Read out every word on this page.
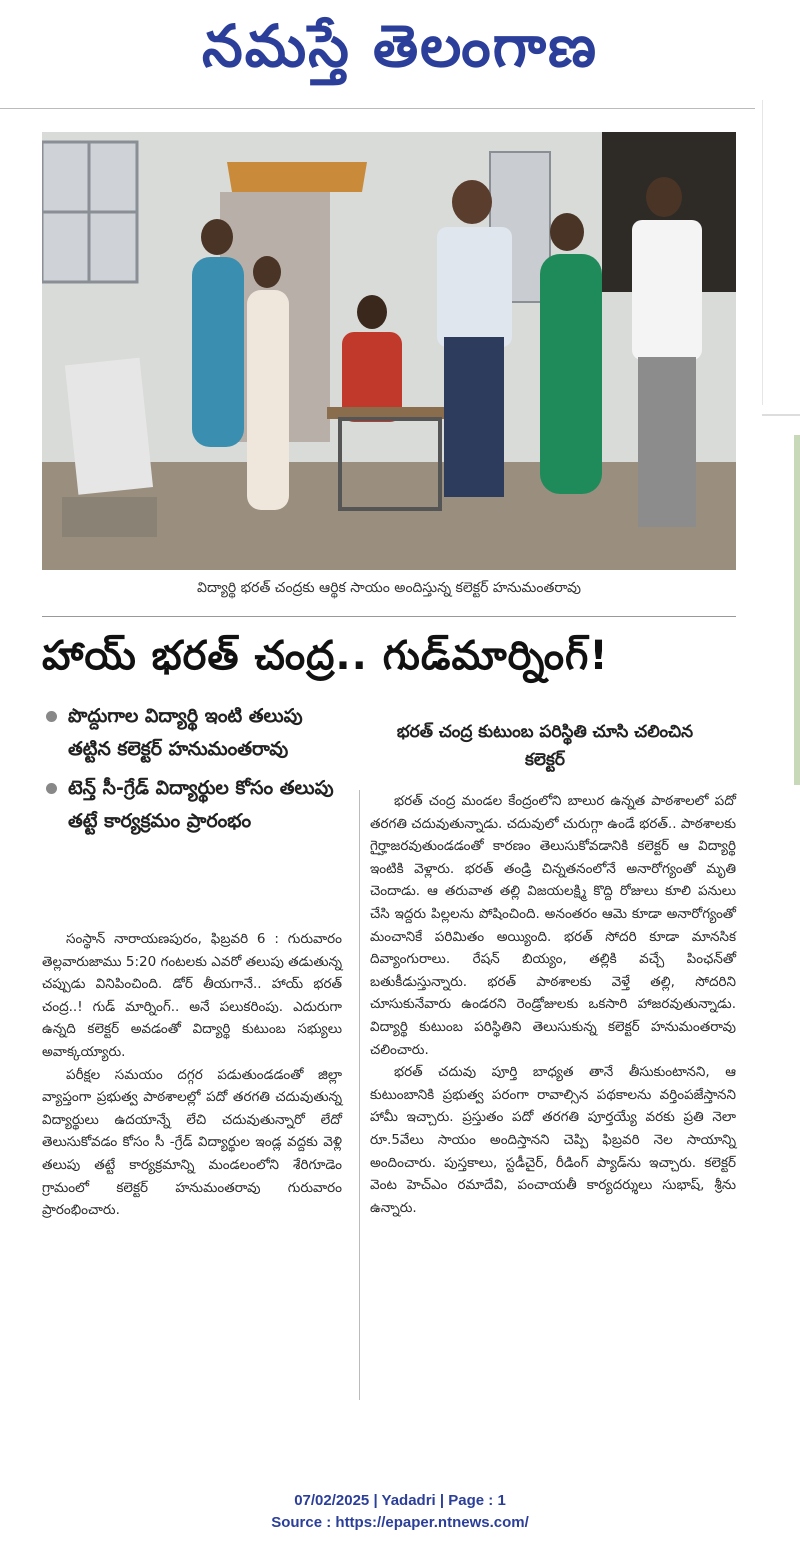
నమస్తే తెలంగాణ
విద్యార్థి భరత్ చంద్రకు ఆర్థిక సాయం అందిస్తున్న కలెక్టర్ హనుమంతరావు
హాయ్ భరత్ చంద్ర.. గుడ్‌మార్నింగ్!
పొద్దుగాల విద్యార్థి ఇంటి తలుపు తట్టిన కలెక్టర్ హనుమంతరావు
టెన్త్ సీ-గ్రేడ్ విద్యార్థుల కోసం తలుపు తట్టే కార్యక్రమం ప్రారంభం
భరత్ చంద్ర కుటుంబ పరిస్థితి చూసి చలించిన కలెక్టర్

సంస్థాన్ నారాయణపురం, ఫిబ్రవరి 6 : గురువారం తెల్లవారుజాము 5:20 గంటలకు ఎవరో తలుపు తడుతున్న చప్పుడు వినిపించింది. డోర్ తీయగానే.. హాయ్ భరత్ చంద్ర..! గుడ్ మార్నింగ్.. అనే పలుకరింపు. ఎదురుగా ఉన్నది కలెక్టర్ అవడంతో విద్యార్థి కుటుంబ సభ్యులు అవాక్కయ్యారు.

పరీక్షల సమయం దగ్గర పడుతుండడంతో జిల్లా వ్యాప్తంగా ప్రభుత్వ పాఠశాలల్లో పదో తరగతి చదువుతున్న విద్యార్థులు ఉదయాన్నే లేచి చదువుతున్నారో లేదో తెలుసుకోవడం కోసం సీ -గ్రేడ్ విద్యార్థుల ఇండ్ల వద్దకు వెళ్లి తలుపు తట్టే కార్యక్రమాన్ని మండలంలోని శేరిగూడెం గ్రామంలో కలెక్టర్ హనుమంతరావు గురువారం ప్రారంభించారు.

భరత్ చంద్ర మండల కేంద్రంలోని బాలుర ఉన్నత పాఠశాలలో పదో తరగతి చదువుతున్నాడు. చదువులో చురుగ్గా ఉండే భరత్.. పాఠశాలకు గైర్హాజరవుతుండడంతో కారణం తెలుసుకోవడానికి కలెక్టర్ ఆ విద్యార్థి ఇంటికి వెళ్లారు. భరత్ తండ్రి చిన్నతనంలోనే అనారోగ్యంతో మృతి చెందాడు. ఆ తరువాత తల్లి విజయలక్ష్మి కొద్ది రోజులు కూలి పనులు చేసి ఇద్దరు పిల్లలను పోషించింది. అనంతరం ఆమె కూడా అనారోగ్యంతో మంచానికే పరిమితం అయ్యింది. భరత్ సోదరి కూడా మానసిక దివ్యాంగురాలు. రేషన్ బియ్యం, తల్లికి వచ్చే పింఛన్‌తో బతుకీడుస్తున్నారు. భరత్ పాఠశాలకు వెళ్తే తల్లి, సోదరిని చూసుకునేవారు ఉండరని రెండ్రోజులకు ఒకసారి హాజరవుతున్నాడు. విద్యార్థి కుటుంబ పరిస్థితిని తెలుసుకున్న కలెక్టర్ హనుమంతరావు చలించారు.

భరత్ చదువు పూర్తి బాధ్యత తానే తీసుకుంటానని, ఆ కుటుంబానికి ప్రభుత్వ పరంగా రావాల్సిన పథకాలను వర్తింపజేస్తానని హామీ ఇచ్చారు. ప్రస్తుతం పదో తరగతి పూర్తయ్యే వరకు ప్రతి నెలా రూ.5వేలు సాయం అందిస్తానని చెప్పి ఫిబ్రవరి నెల సాయాన్ని అందించారు. పుస్తకాలు, స్టడీచైర్, రీడింగ్ ప్యాడ్‌ను ఇచ్చారు. కలెక్టర్ వెంట హెచ్‌ఎం రమాదేవి, పంచాయతీ కార్యదర్శులు సుభాష్, శ్రీను ఉన్నారు.

07/02/2025 | Yadadri | Page : 1
Source : https://epaper.ntnews.com/
